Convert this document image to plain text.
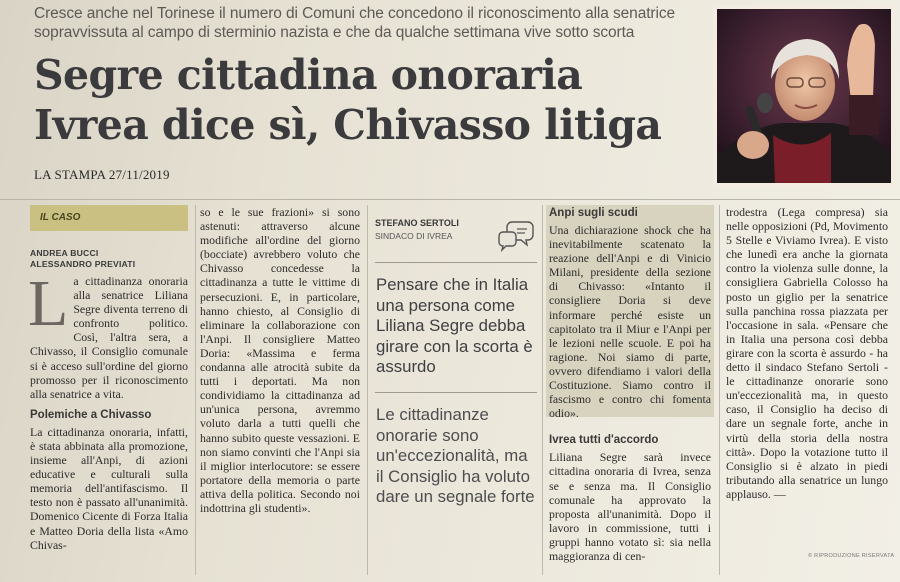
Cresce anche nel Torinese il numero di Comuni che concedono il riconoscimento alla senatrice sopravvissuta al campo di sterminio nazista e che da qualche settimana vive sotto scorta
Segre cittadina onoraria
Ivrea dice sì, Chivasso litiga
LA STAMPA 27/11/2019
IL CASO
ANDREA BUCCI
ALESSANDRO PREVIATI

La cittadinanza onoraria alla senatrice Liliana Segre diventa terreno di confronto politico. Così, l'altra sera, a Chivasso, il Consiglio comunale si è acceso sull'ordine del giorno promosso per il riconoscimento alla senatrice a vita.

Polemiche a Chivasso

La cittadinanza onoraria, infatti, è stata abbinata alla promozione, insieme all'Anpi, di azioni educative e culturali sulla memoria dell'antifascismo. Il testo non è passato all'unanimità. Domenico Cicente di Forza Italia e Matteo Doria della lista «Amo Chivas-

so e le sue frazioni» si sono astenuti: attraverso alcune modifiche all'ordine del giorno (bocciate) avrebbero voluto che Chivasso concedesse la cittadinanza a tutte le vittime di persecuzioni. E, in particolare, hanno chiesto, al Consiglio di eliminare la collaborazione con l'Anpi. Il consigliere Matteo Doria: «Massima e ferma condanna alle atrocità subite da tutti i deportati. Ma non condividiamo la cittadinanza ad un'unica persona, avremmo voluto darla a tutti quelli che hanno subito queste vessazioni. E non siamo convinti che l'Anpi sia il miglior interlocutore: se essere portatore della memoria o parte attiva della politica. Secondo noi indottrina gli studenti».

STEFANO SERTOLI
SINDACO DI IVREA
Pensare che in Italia una persona come Liliana Segre debba girare con la scorta è assurdo
Le cittadinanze onorarie sono un'eccezionalità, ma il Consiglio ha voluto dare un segnale forte
Anpi sugli scudi

Una dichiarazione shock che ha inevitabilmente scatenato la reazione dell'Anpi e di Vinicio Milani, presidente della sezione di Chivasso: «Intanto il consigliere Doria si deve informare perché esiste un capitolato tra il Miur e l'Anpi per le lezioni nelle scuole. E poi ha ragione. Noi siamo di parte, ovvero difendiamo i valori della Costituzione. Siamo contro il fascismo e contro chi fomenta odio».

Ivrea tutti d'accordo

Liliana Segre sarà invece cittadina onoraria di Ivrea, senza se e senza ma. Il Consiglio comunale ha approvato la proposta all'unanimità. Dopo il lavoro in commissione, tutti i gruppi hanno votato sì: sia nella maggioranza di cen-

trodestra (Lega compresa) sia nelle opposizioni (Pd, Movimento 5 Stelle e Viviamo Ivrea). E visto che lunedì era anche la giornata contro la violenza sulle donne, la consigliera Gabriella Colosso ha posto un giglio per la senatrice sulla panchina rossa piazzata per l'occasione in sala. «Pensare che in Italia una persona così debba girare con la scorta è assurdo - ha detto il sindaco Stefano Sertoli - le cittadinanze onorarie sono un'eccezionalità ma, in questo caso, il Consiglio ha deciso di dare un segnale forte, anche in virtù della storia della nostra città». Dopo la votazione tutto il Consiglio si è alzato in piedi tributando alla senatrice un lungo applauso. —

© RIPRODUZIONE RISERVATA
